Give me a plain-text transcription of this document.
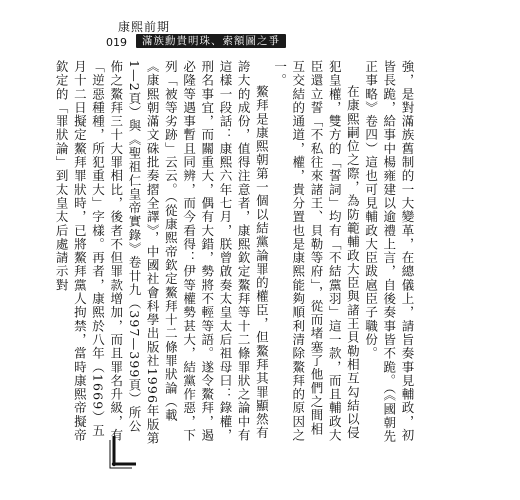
康熙前期
019	滿族勳貴明珠、索額圖之爭

強，是對滿族舊制的一大變革，在總儀上，請旨奏事見輔政，初皆長跪，給事中楊雍建以逾禮上言，自後奏事皆不跪。（《國朝先正事略》卷四）這也可見輔政大臣跋扈臣子職份。

在康熙嗣位之際，為防範輔政大臣與諸王貝勒相互勾結以侵犯皇權，雙方的「誓詞」均有「不結黨羽」這一款，而且輔政大臣還立誓「不私往來諸王、貝勒等府」，從而堵塞了他們之間相互交結的通道，權，貴分置也是康熙能夠順利清除鰲拜的原因之一。

鰲拜是康熙朝第一個以結黨論罪的權臣，但鰲拜其罪顯然有誇大的成份，值得注意者，康熙欽定鰲拜等十二條罪狀之論中有這樣一段話：康熙六年七月，朕曾啟奏太皇太后祖母曰：錄權，刑名事宜，而關重大，偶有大錯，勢將不輕等語。遂令鰲拜，遏必隆等遇事暫且同辨，而今看得：伊等權勢甚大，結黨作惡，下列「被等劣跡」云云。（從康熙帝欽定鰲拜十二條罪狀論（載《康熙朝滿文硃批奏摺全譯》，中國社會科學出版社1996年版第1—2頁）與《聖祖仁皇帝實錄》卷廿九（397—399頁）所公佈之鰲拜三十大罪相比，後者不但罪款增加，而且罪名升級，有「逆惡種種，所犯重大」字樣。再者，康熙於八年（1669）五月十二日擬定鰲拜罪狀時，已將鰲拜黨人拘禁，當時康熙帝擬帝欽定的「罪狀論」到太皇太后處請示對
